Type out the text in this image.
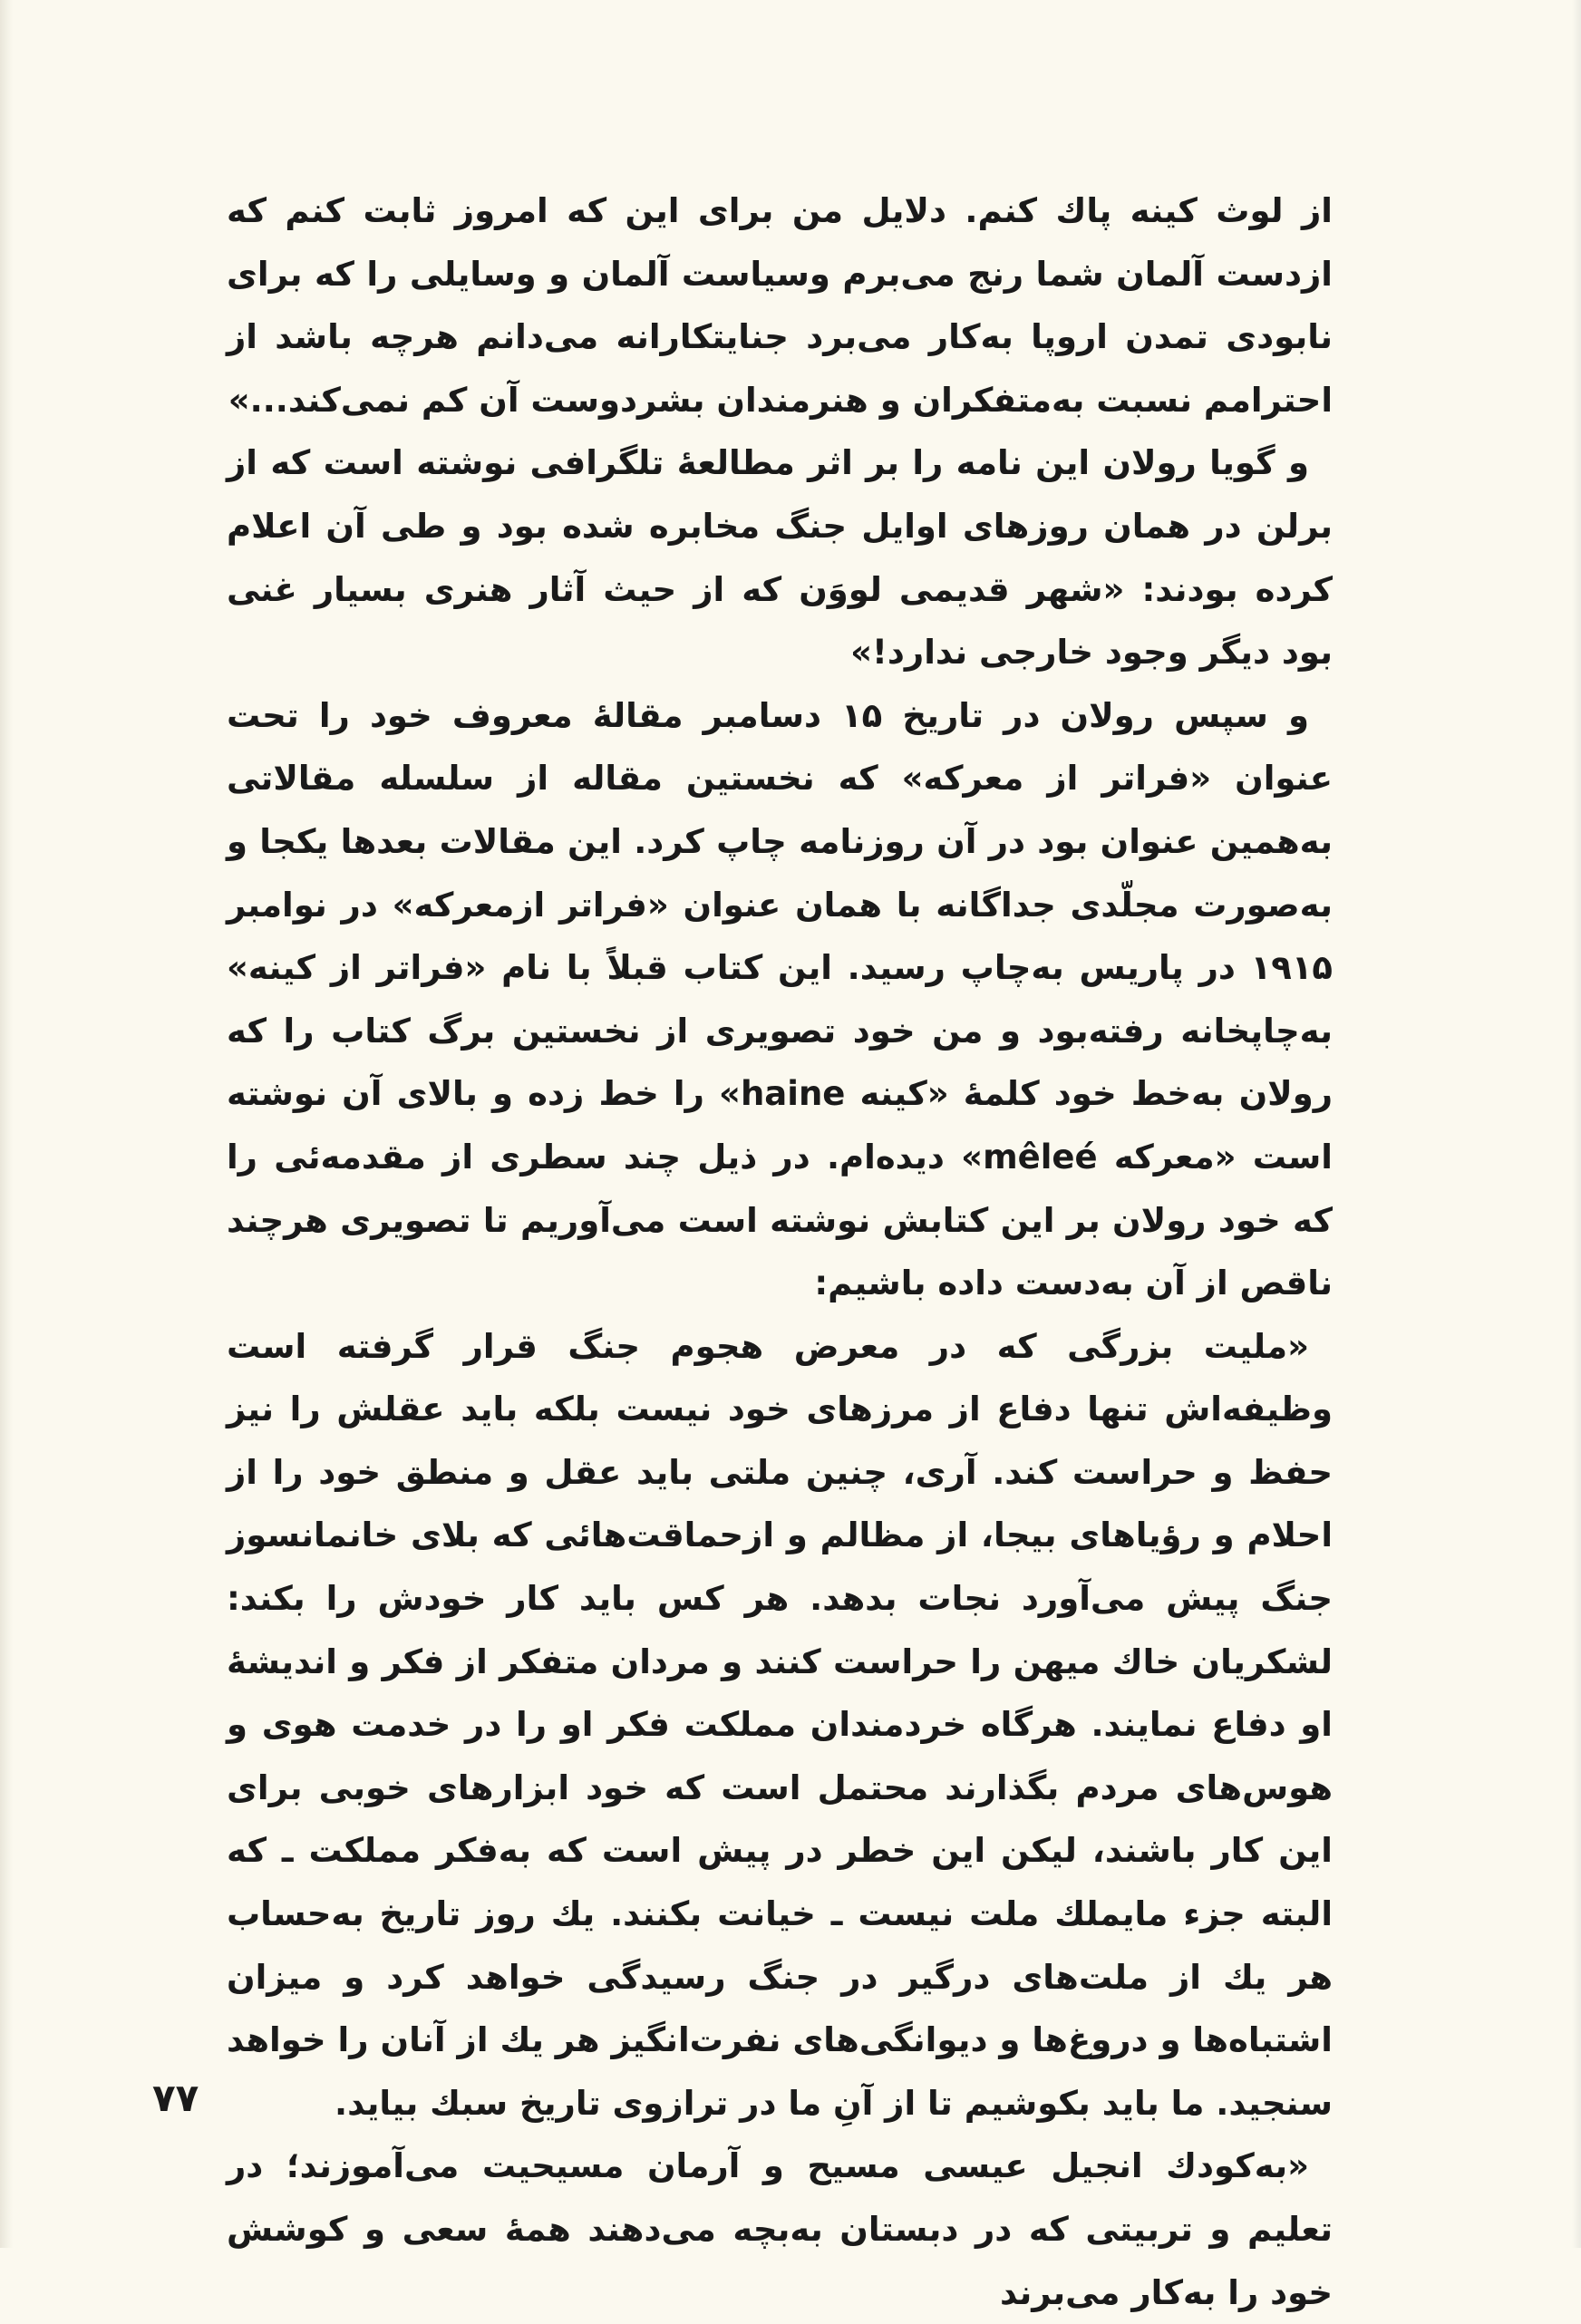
از لوث کینه پاك کنم. دلایل من برای این که امروز ثابت کنم که ازدست آلمان شما رنج می‌برم وسیاست آلمان و وسایلی را که برای نابودی تمدن اروپا به‌کار می‌برد جنایتکارانه می‌دانم هرچه باشد از احترامم نسبت به‌متفکران و هنرمندان بشردوست آن کم نمی‌کند...»

و گویا رولان این نامه را بر اثر مطالعهٔ تلگرافی نوشته است که از برلن در همان روزهای اوایل جنگ مخابره شده بود و طی آن اعلام کرده بودند: «شهر قدیمی لووَن که از حیث آثار هنری بسیار غنی بود دیگر وجود خارجی ندارد!»

و سپس رولان در تاریخ ۱۵ دسامبر مقالهٔ معروف خود را تحت عنوان «فراتر از معرکه» که نخستین مقاله از سلسله مقالاتی به‌همین عنوان بود در آن روزنامه چاپ کرد. این مقالات بعدها یکجا و به‌صورت مجلّدی جداگانه با همان عنوان «فراتر ازمعرکه» در نوامبر ۱۹۱۵ در پاریس به‌چاپ رسید. این کتاب قبلاً با نام «فراتر از کینه» به‌چاپخانه رفته‌بود و من خود تصویری از نخستین برگ کتاب را که رولان به‌خط خود کلمهٔ «کینه haine» را خط زده و بالای آن نوشته است «معرکه mêleé» دیده‌ام. در ذیل چند سطری از مقدمه‌ئی را که خود رولان بر این کتابش نوشته است می‌آوریم تا تصویری هرچند ناقص از آن به‌دست داده باشیم:

«ملیت بزرگی که در معرض هجوم جنگ قرار گرفته است وظیفه‌اش تنها دفاع از مرزهای خود نیست بلکه باید عقلش را نیز حفظ و حراست کند. آری، چنین ملتی باید عقل و منطق خود را از احلام و رؤیاهای بیجا، از مظالم و ازحماقت‌هائی که بلای خانمانسوز جنگ پیش می‌آورد نجات بدهد. هر کس باید کار خودش را بکند: لشکریان خاك میهن را حراست کنند و مردان متفکر از فکر و اندیشهٔ او دفاع نمایند. هرگاه خردمندان مملکت فکر او را در خدمت هوی و هوس‌های مردم بگذارند محتمل است که خود ابزارهای خوبی برای این کار باشند، لیکن این خطر در پیش است که به‌فکر مملکت ـ که البته جزء مایملك ملت نیست ـ خیانت بکنند. یك روز تاریخ به‌حساب هر یك از ملت‌های درگیر در جنگ رسیدگی خواهد کرد و میزان اشتباه‌ها و دروغ‌ها و دیوانگی‌های نفرت‌انگیز هر یك از آنان را خواهد سنجید. ما باید بکوشیم تا از آنِ ما در ترازوی تاریخ سبك بیاید.

«به‌کودك انجیل عیسی مسیح و آرمان مسیحیت می‌آموزند؛ در تعلیم و تربیتی که در دبستان به‌بچه می‌دهند همهٔ سعی و کوشش خود را به‌کار می‌برند

۷۷
